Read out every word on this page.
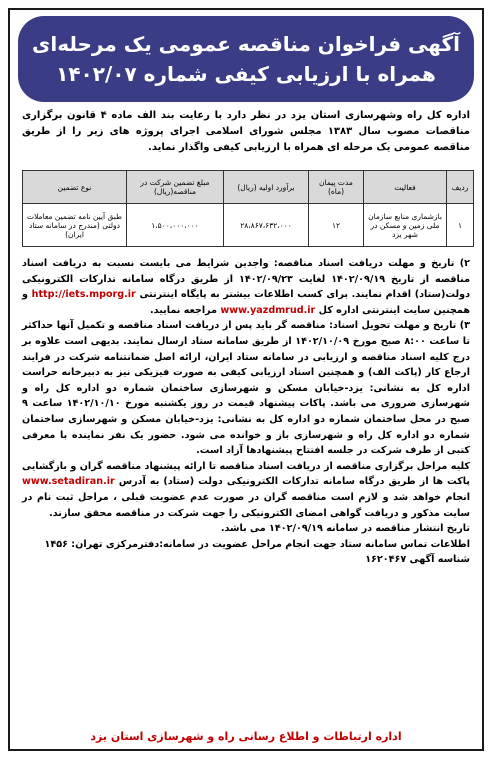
آگهی فراخوان مناقصه عمومی یک مرحله‌ای
همراه با ارزیابی کیفی شماره ۱۴۰۲/۰۷
اداره کل راه وشهرسازی استان یزد در نظر دارد با رعایت بند الف ماده ۴ قانون برگزاری مناقصات مصوب سال ۱۳۸۳ مجلس شورای اسلامی اجرای پروژه های زیر را از طریق مناقصه عمومی یک مرحله ای همراه با ارزیابی کیفی واگذار نماید.
ردیف	فعالیت	مدت پیمان (ماه)	برآورد اولیه (ریال)	مبلغ تضمین شرکت در مناقصه(ریال)	نوع تضمین
۱	بازشماری منابع سازمان ملی زمین و مسکن در شهر یزد	۱۲	۲۸،۸۶۷،۶۳۲،۰۰۰	۱،۵۰۰،۰۰۰،۰۰۰	طبق آیین نامه تضمین معاملات دولتی (مندرج در سامانه ستاد ایران)

۲) تاریخ و مهلت دریافت اسناد مناقصه: واجدین شرایط می بایست نسبت به دریافت اسناد مناقصه از تاریخ ۱۴۰۲/۰۹/۱۹ لغایت ۱۴۰۲/۰۹/۲۳ از طریق درگاه سامانه تدارکات الکترونیکی دولت(ستاد) اقدام نمایند. برای کسب اطلاعات بیشتر به پایگاه اینترنتی http://iets.mporg.ir و همچنین سایت اینترنتی اداره کل www.yazdmrud.ir مراجعه نمایید.

۳) تاریخ و مهلت تحویل اسناد: مناقصه گر باید پس از دریافت اسناد مناقصه و تکمیل آنها حداکثر تا ساعت ۸:۰۰ صبح مورخ ۱۴۰۲/۱۰/۰۹ از طریق سامانه ستاد ارسال نمایند. بدیهی است علاوه بر درج کلیه اسناد مناقصه و ارزیابی در سامانه ستاد ایران، ارائه اصل ضمانتنامه شرکت در فرایند ارجاع کار (پاکت الف) و همچنین اسناد ارزیابی کیفی به صورت فیزیکی نیز به دبیرخانه حراست اداره کل به نشانی: یزد-خیابان مسکن و شهرسازی ساختمان شماره دو اداره کل راه و شهرسازی ضروری می باشد. پاکات پیشنهاد قیمت در روز یکشنبه مورخ ۱۴۰۲/۱۰/۱۰ ساعت ۹ صبح در محل ساختمان شماره دو اداره کل به نشانی: یزد-خیابان مسکن و شهرسازی ساختمان شماره دو اداره کل راه و شهرسازی باز و خوانده می شود. حضور یک نفر نماینده با معرفی کتبی از طرف شرکت در جلسه افتتاح پیشنهادها آزاد است.

کلیه مراحل برگزاری مناقصه از دریافت اسناد مناقصه تا ارائه پیشنهاد مناقصه گران و بازگشایی پاکت ها از طریق درگاه سامانه تدارکات الکترونیکی دولت (ستاد) به آدرس www.setadiran.ir انجام خواهد شد و لازم است مناقصه گران در صورت عدم عضویت قبلی ، مراحل ثبت نام در سایت مذکور و دریافت گواهی امضای الکترونیکی را جهت شرکت در مناقصه محقق سازند.

تاریخ انتشار مناقصه در سامانه ۱۴۰۲/۰۹/۱۹ می باشد.

اطلاعات تماس سامانه ستاد جهت انجام مراحل عضویت در سامانه:دفترمرکزی تهران: ۱۴۵۶

شناسه آگهی ۱۶۲۰۴۶۷

اداره ارتباطات و اطلاع رسانی راه و شهرسازی استان یزد
